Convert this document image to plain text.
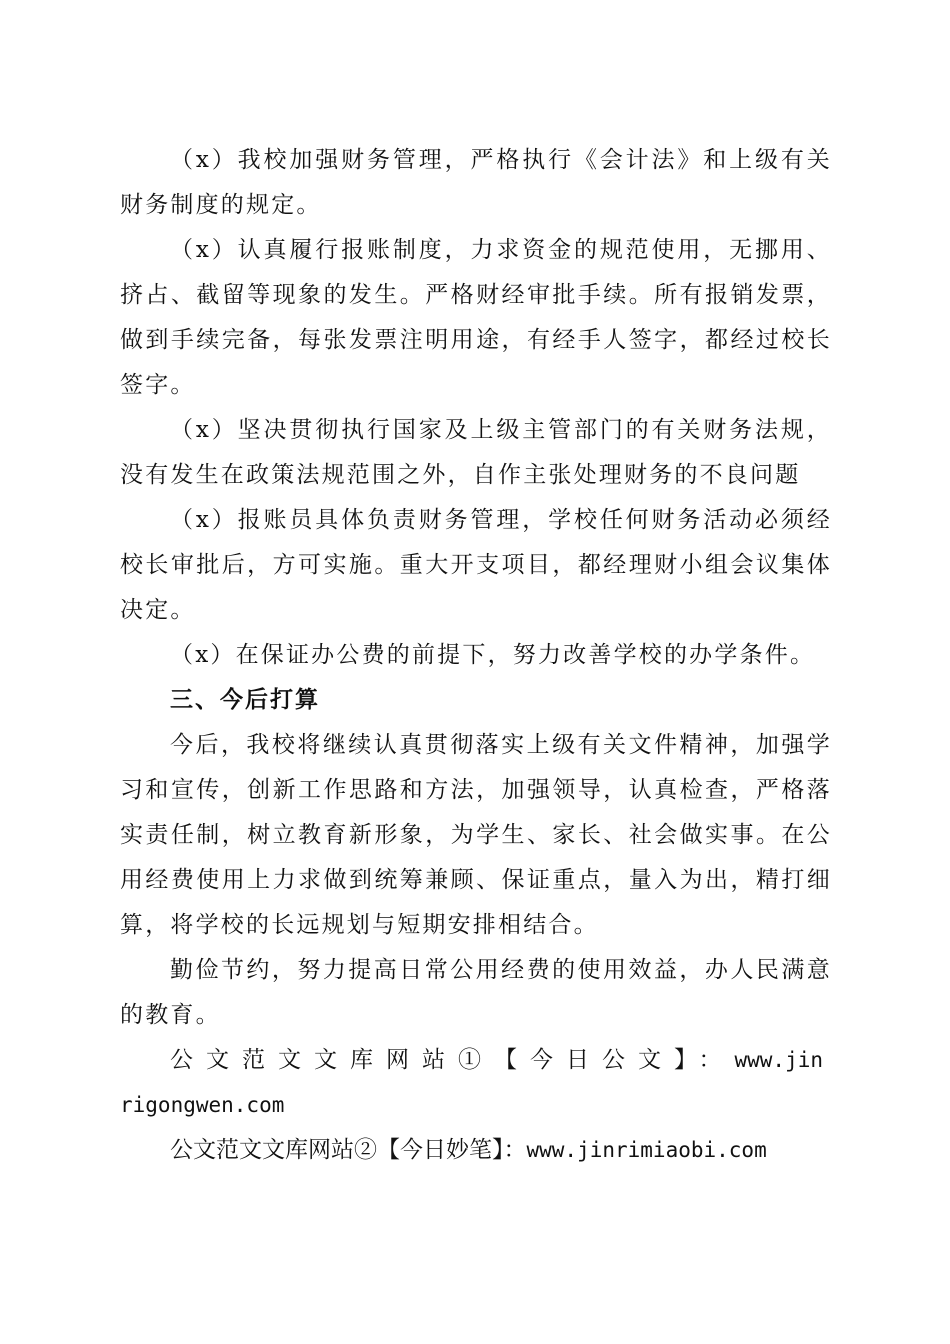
（x）我校加强财务管理，严格执行《会计法》和上级有关财务制度的规定。

（x）认真履行报账制度，力求资金的规范使用，无挪用、挤占、截留等现象的发生。严格财经审批手续。所有报销发票，做到手续完备，每张发票注明用途，有经手人签字，都经过校长签字。

（x）坚决贯彻执行国家及上级主管部门的有关财务法规，没有发生在政策法规范围之外，自作主张处理财务的不良问题

（x）报账员具体负责财务管理，学校任何财务活动必须经校长审批后，方可实施。重大开支项目，都经理财小组会议集体决定。

（x）在保证办公费的前提下，努力改善学校的办学条件。

三、今后打算

今后，我校将继续认真贯彻落实上级有关文件精神，加强学习和宣传，创新工作思路和方法，加强领导，认真检查，严格落实责任制，树立教育新形象，为学生、家长、社会做实事。在公用经费使用上力求做到统筹兼顾、保证重点，量入为出，精打细算，将学校的长远规划与短期安排相结合。

勤俭节约，努力提高日常公用经费的使用效益，办人民满意的教育。

公文范文文库网站①【今日公文】：www.jinrigongwen.com

公文范文文库网站②【今日妙笔】：www.jinrimiaobi.com
